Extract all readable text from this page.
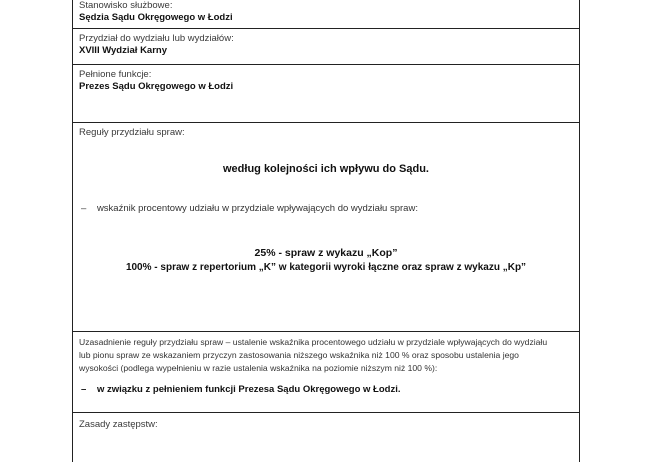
Stanowisko służbowe:
Sędzia Sądu Okręgowego w Łodzi
Przydział do wydziału lub wydziałów:
XVIII Wydział Karny
Pełnione funkcje:
Prezes Sądu Okręgowego w Łodzi
Reguły przydziału spraw:
według kolejności ich wpływu do Sądu.
– wskaźnik procentowy udziału w przydziale wpływających do wydziału spraw:
25% - spraw z wykazu „Kop”
100% - spraw z repertorium „K” w kategorii wyroki łączne oraz spraw z wykazu „Kp”
Uzasadnienie reguły przydziału spraw – ustalenie wskaźnika procentowego udziału w przydziale wpływających do wydziału
lub pionu spraw ze wskazaniem przyczyn zastosowania niższego wskaźnika niż 100 % oraz sposobu ustalenia jego
wysokości (podlega wypełnieniu w razie ustalenia wskaźnika na poziomie niższym niż 100 %):
– w związku z pełnieniem funkcji Prezesa Sądu Okręgowego w Łodzi.
Zasady zastępstw:
